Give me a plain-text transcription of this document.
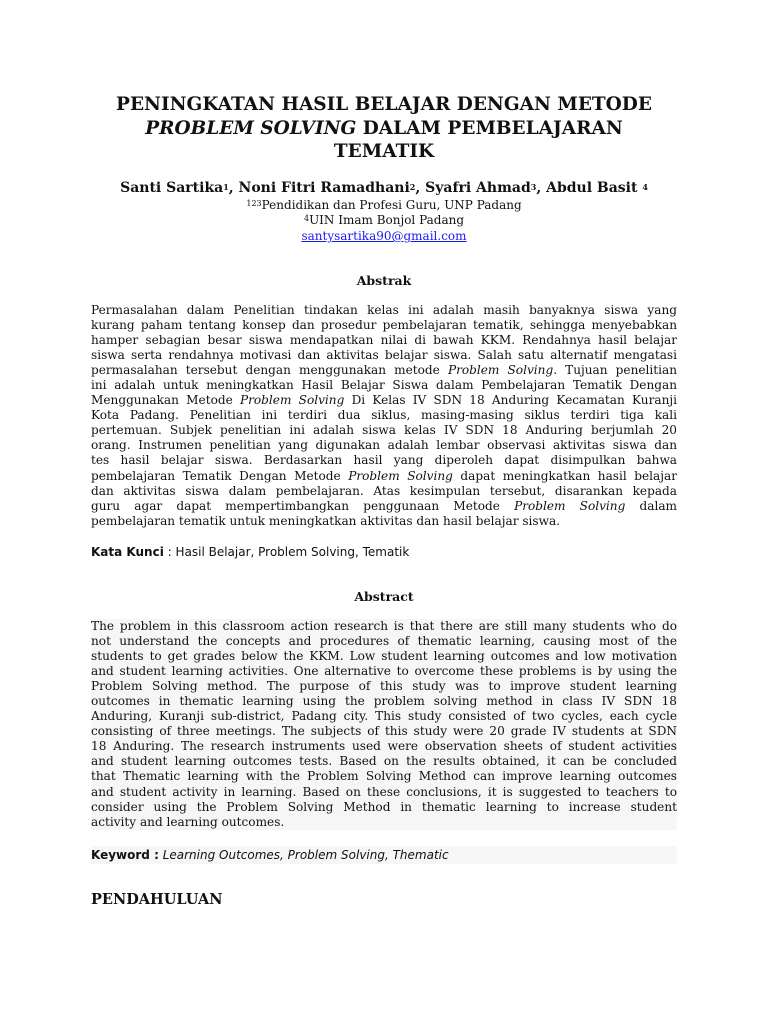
PENINGKATAN HASIL BELAJAR DENGAN METODE
PROBLEM SOLVING DALAM PEMBELAJARAN
TEMATIK
Santi Sartika$^1$, Noni Fitri Ramadhani$^2$, Syafri Ahmad$^3$, Abdul Basit $^4$
$^{123}$Pendidikan dan Profesi Guru, UNP Padang
$^4$UIN Imam Bonjol Padang
santysartika90@gmail.com
Abstrak
Permasalahan dalam Penelitian tindakan kelas ini adalah masih banyaknya siswa yang
kurang paham tentang konsep dan prosedur pembelajaran tematik, sehingga menyebabkan
hamper sebagian besar siswa mendapatkan nilai di bawah KKM. Rendahnya hasil belajar
siswa serta rendahnya motivasi dan aktivitas belajar siswa. Salah satu alternatif mengatasi
permasalahan tersebut dengan menggunakan metode Problem Solving. Tujuan penelitian
ini adalah untuk meningkatkan Hasil Belajar Siswa dalam Pembelajaran Tematik Dengan
Menggunakan Metode Problem Solving Di Kelas IV SDN 18 Anduring Kecamatan Kuranji
Kota Padang. Penelitian ini terdiri dua siklus, masing-masing siklus terdiri tiga kali
pertemuan. Subjek penelitian ini adalah siswa kelas IV SDN 18 Anduring berjumlah 20
orang. Instrumen penelitian yang digunakan adalah lembar observasi aktivitas siswa dan
tes hasil belajar siswa. Berdasarkan hasil yang diperoleh dapat disimpulkan bahwa
pembelajaran Tematik Dengan Metode Problem Solving dapat meningkatkan hasil belajar
dan aktivitas siswa dalam pembelajaran. Atas kesimpulan tersebut, disarankan kepada
guru agar dapat mempertimbangkan penggunaan Metode Problem Solving dalam
pembelajaran tematik untuk meningkatkan aktivitas dan hasil belajar siswa.
Kata Kunci : Hasil Belajar, Problem Solving, Tematik
Abstract
The problem in this classroom action research is that there are still many students who do
not understand the concepts and procedures of thematic learning, causing most of the
students to get grades below the KKM. Low student learning outcomes and low motivation
and student learning activities. One alternative to overcome these problems is by using the
Problem Solving method. The purpose of this study was to improve student learning
outcomes in thematic learning using the problem solving method in class IV SDN 18
Anduring, Kuranji sub-district, Padang city. This study consisted of two cycles, each cycle
consisting of three meetings. The subjects of this study were 20 grade IV students at SDN
18 Anduring. The research instruments used were observation sheets of student activities
and student learning outcomes tests. Based on the results obtained, it can be concluded
that Thematic learning with the Problem Solving Method can improve learning outcomes
and student activity in learning. Based on these conclusions, it is suggested to teachers to
consider using the Problem Solving Method in thematic learning to increase student
activity and learning outcomes.
Keyword : Learning Outcomes, Problem Solving, Thematic
PENDAHULUAN
